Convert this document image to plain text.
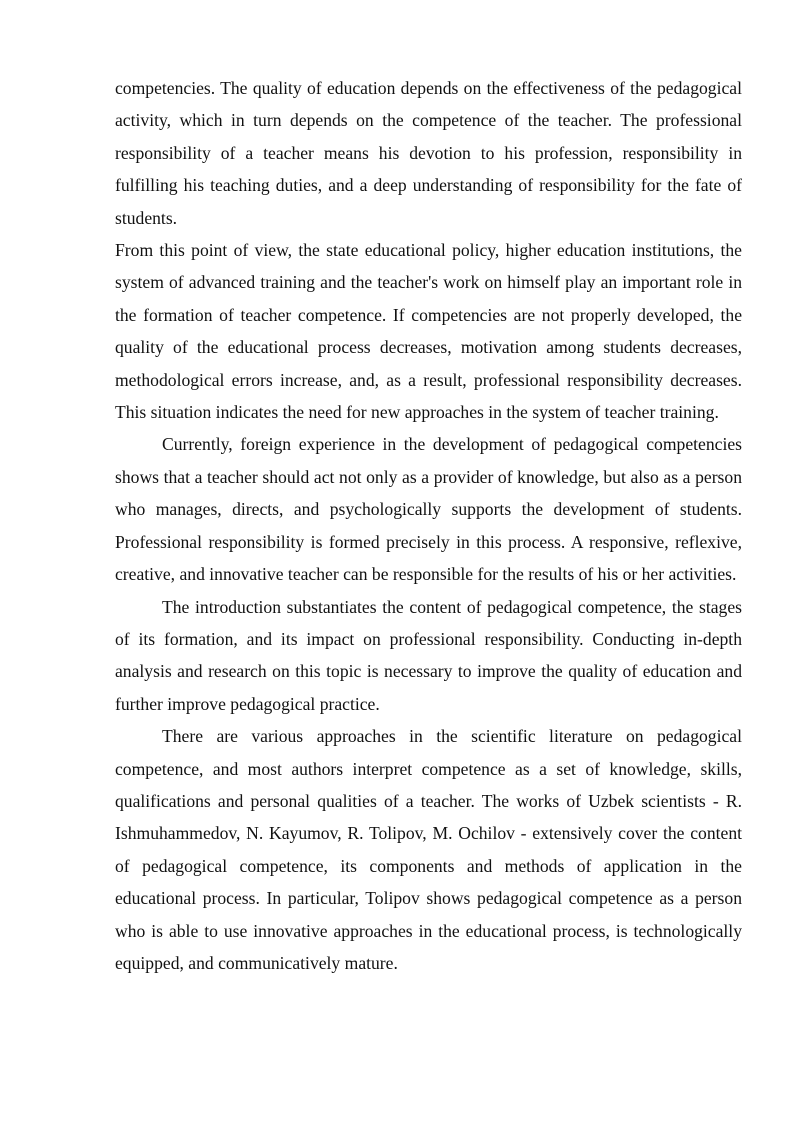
competencies. The quality of education depends on the effectiveness of the pedagogical activity, which in turn depends on the competence of the teacher. The professional responsibility of a teacher means his devotion to his profession, responsibility in fulfilling his teaching duties, and a deep understanding of responsibility for the fate of students.

From this point of view, the state educational policy, higher education institutions, the system of advanced training and the teacher's work on himself play an important role in the formation of teacher competence. If competencies are not properly developed, the quality of the educational process decreases, motivation among students decreases, methodological errors increase, and, as a result, professional responsibility decreases. This situation indicates the need for new approaches in the system of teacher training.

Currently, foreign experience in the development of pedagogical competencies shows that a teacher should act not only as a provider of knowledge, but also as a person who manages, directs, and psychologically supports the development of students. Professional responsibility is formed precisely in this process. A responsive, reflexive, creative, and innovative teacher can be responsible for the results of his or her activities.

The introduction substantiates the content of pedagogical competence, the stages of its formation, and its impact on professional responsibility. Conducting in-depth analysis and research on this topic is necessary to improve the quality of education and further improve pedagogical practice.

There are various approaches in the scientific literature on pedagogical competence, and most authors interpret competence as a set of knowledge, skills, qualifications and personal qualities of a teacher. The works of Uzbek scientists - R. Ishmuhammedov, N. Kayumov, R. Tolipov, M. Ochilov - extensively cover the content of pedagogical competence, its components and methods of application in the educational process. In particular, Tolipov shows pedagogical competence as a person who is able to use innovative approaches in the educational process, is technologically equipped, and communicatively mature.
